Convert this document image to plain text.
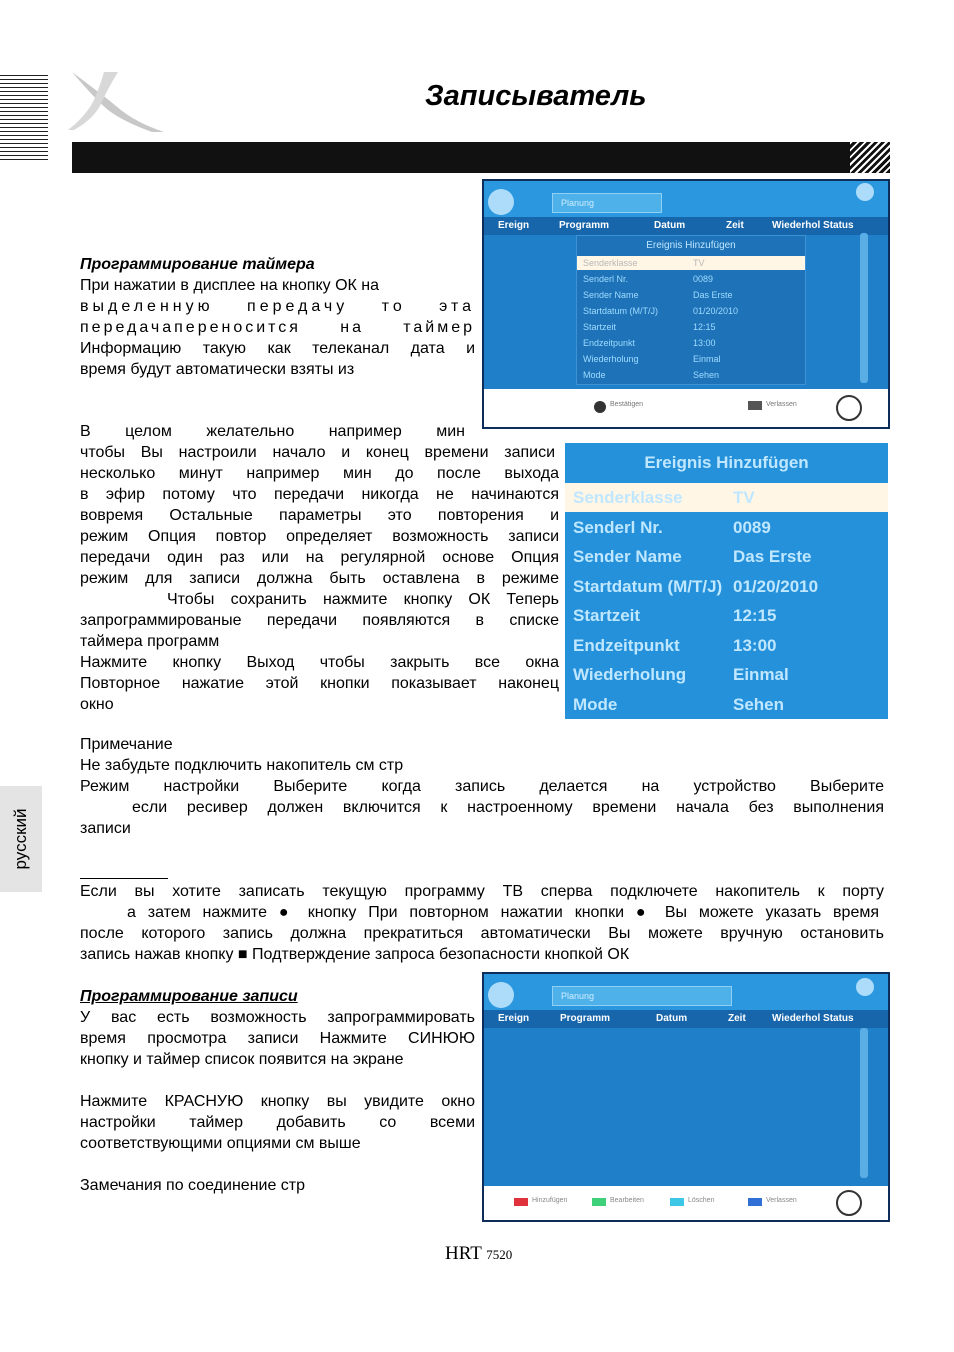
Записыватель
русский
Программирование таймера
При нажатии в дисплее на кнопку ОК на
выделенную передачу то эта
передачапереносится на таймер
Информацию такую как телеканал дата и
время будут автоматически взяты из
В целом желательно например мин
чтобы Вы настроили начало и конец времени записи
несколько минут например мин до после выхода
в эфир потому что передачи никогда не начинаются
вовремя Остальные параметры это повторения и
режим Опция повтор определяет возможность записи
передачи один раз или на регулярной основе Опция
режим для записи должна быть оставлена в режиме
Чтобы сохранить нажмите кнопку ОК Теперь
запрограммированые передачи появляются в списке
таймера программ
Нажмите кнопку Выход чтобы закрыть все окна
Повторное нажатие этой кнопки показывает наконец
окно
Примечание
Не забудьте подключить накопитель см стр
Режим настройки Выберите когда запись делается на устройство Выберите
если ресивер должен включится к настроенному времени начала без выполнения
записи
Если вы хотите записать текущую программу ТВ сперва подключете накопитель к порту
а затем нажмите ● кнопку При повторном нажатии кнопки ● Вы можете указать время
после которого запись должна прекратиться автоматически Вы можете вручную остановить
запись нажав кнопку ■ Подтверждение запроса безопасности кнопкой ОК
Программирование записи
У вас есть возможность запрограммировать
время просмотра записи Нажмите СИНЮЮ
кнопку и таймер список появится на экране
Нажмите КРАСНУЮ кнопку вы увидите окно
настройки таймер добавить со всеми
соответствующими опциями см выше
Замечания по соединение стр
Planung
Ereign	Programm	Datum	Zeit	Wiederhol Status
Ereignis Hinzufügen
Senderklasse	TV
Senderl Nr.	0089
Sender Name	Das Erste
Startdatum (M/T/J)	01/20/2010
Startzeit	12:15
Endzeitpunkt	13:00
Wiederholung	Einmal
Mode	Sehen
Bestätigen	Verlassen
Ereignis Hinzufügen
Senderklasse	TV
Senderl Nr.	0089
Sender Name	Das Erste
Startdatum (M/T/J) 01/20/2010
Startzeit	12:15
Endzeitpunkt	13:00
Wiederholung	Einmal
Mode	Sehen
Planung
Ereign	Programm	Datum	Zeit	Wiederhol Status
Hinzufügen	Bearbeiten	Löschen	Verlassen
HRT 7520
